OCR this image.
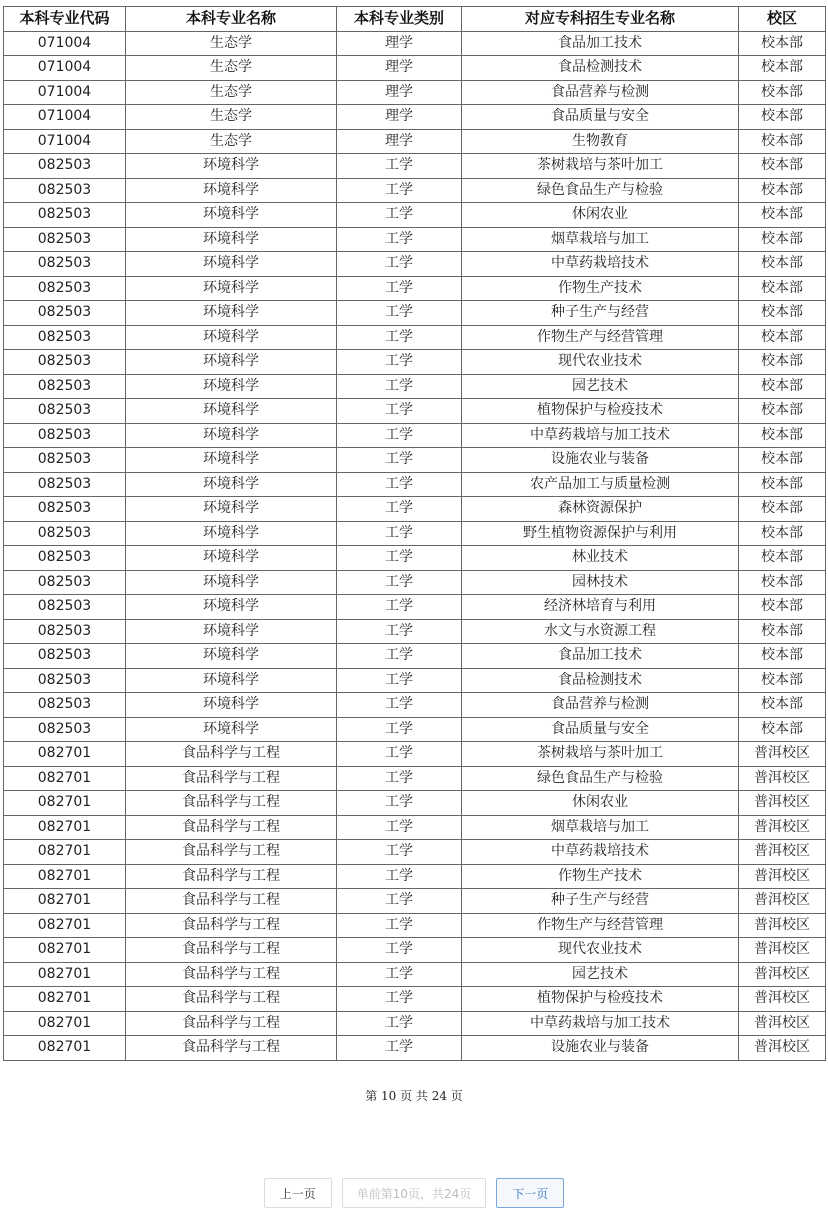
本科专业代码	本科专业名称	本科专业类别	对应专科招生专业名称	校区
071004	生态学	理学	食品加工技术	校本部
071004	生态学	理学	食品检测技术	校本部
071004	生态学	理学	食品营养与检测	校本部
071004	生态学	理学	食品质量与安全	校本部
071004	生态学	理学	生物教育	校本部
082503	环境科学	工学	茶树栽培与茶叶加工	校本部
082503	环境科学	工学	绿色食品生产与检验	校本部
082503	环境科学	工学	休闲农业	校本部
082503	环境科学	工学	烟草栽培与加工	校本部
082503	环境科学	工学	中草药栽培技术	校本部
082503	环境科学	工学	作物生产技术	校本部
082503	环境科学	工学	种子生产与经营	校本部
082503	环境科学	工学	作物生产与经营管理	校本部
082503	环境科学	工学	现代农业技术	校本部
082503	环境科学	工学	园艺技术	校本部
082503	环境科学	工学	植物保护与检疫技术	校本部
082503	环境科学	工学	中草药栽培与加工技术	校本部
082503	环境科学	工学	设施农业与装备	校本部
082503	环境科学	工学	农产品加工与质量检测	校本部
082503	环境科学	工学	森林资源保护	校本部
082503	环境科学	工学	野生植物资源保护与利用	校本部
082503	环境科学	工学	林业技术	校本部
082503	环境科学	工学	园林技术	校本部
082503	环境科学	工学	经济林培育与利用	校本部
082503	环境科学	工学	水文与水资源工程	校本部
082503	环境科学	工学	食品加工技术	校本部
082503	环境科学	工学	食品检测技术	校本部
082503	环境科学	工学	食品营养与检测	校本部
082503	环境科学	工学	食品质量与安全	校本部
082701	食品科学与工程	工学	茶树栽培与茶叶加工	普洱校区
082701	食品科学与工程	工学	绿色食品生产与检验	普洱校区
082701	食品科学与工程	工学	休闲农业	普洱校区
082701	食品科学与工程	工学	烟草栽培与加工	普洱校区
082701	食品科学与工程	工学	中草药栽培技术	普洱校区
082701	食品科学与工程	工学	作物生产技术	普洱校区
082701	食品科学与工程	工学	种子生产与经营	普洱校区
082701	食品科学与工程	工学	作物生产与经营管理	普洱校区
082701	食品科学与工程	工学	现代农业技术	普洱校区
082701	食品科学与工程	工学	园艺技术	普洱校区
082701	食品科学与工程	工学	植物保护与检疫技术	普洱校区
082701	食品科学与工程	工学	中草药栽培与加工技术	普洱校区
082701	食品科学与工程	工学	设施农业与装备	普洱校区
第 10 页 共 24 页
上一页	单前第10页，共24页	下一页
